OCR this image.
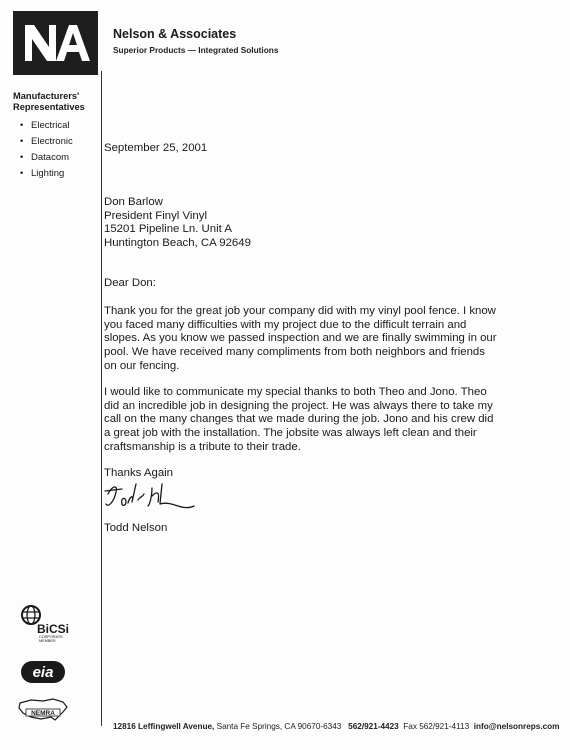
Nelson & Associates
Superior Products — Integrated Solutions
Manufacturers'
Representatives
• Electrical
• Electronic
• Datacom
• Lighting

September 25, 2001

Don Barlow

President Finyl Vinyl

15201 Pipeline Ln. Unit A

Huntington Beach, CA 92649

Dear Don:

Thank you for the great job your company did with my vinyl pool fence. I know

you faced many difficulties with my project due to the difficult terrain and

slopes. As you know we passed inspection and we are finally swimming in our

pool. We have received many compliments from both neighbors and friends

on our fencing.

I would like to communicate my special thanks to both Theo and Jono. Theo

did an incredible job in designing the project. He was always there to take my

call on the many changes that we made during the job. Jono and his crew did

a great job with the installation. The jobsite was always left clean and their

craftsmanship is a tribute to their trade.

Thanks Again

Todd Nelson

BiCSi
CORPORATE
MEMBER
eia
NEMRA
12816 Leffingwell Avenue, Santa Fe Springs, CA 90670-6343 562/921-4423 Fax 562/921-4113 info@nelsonreps.com
